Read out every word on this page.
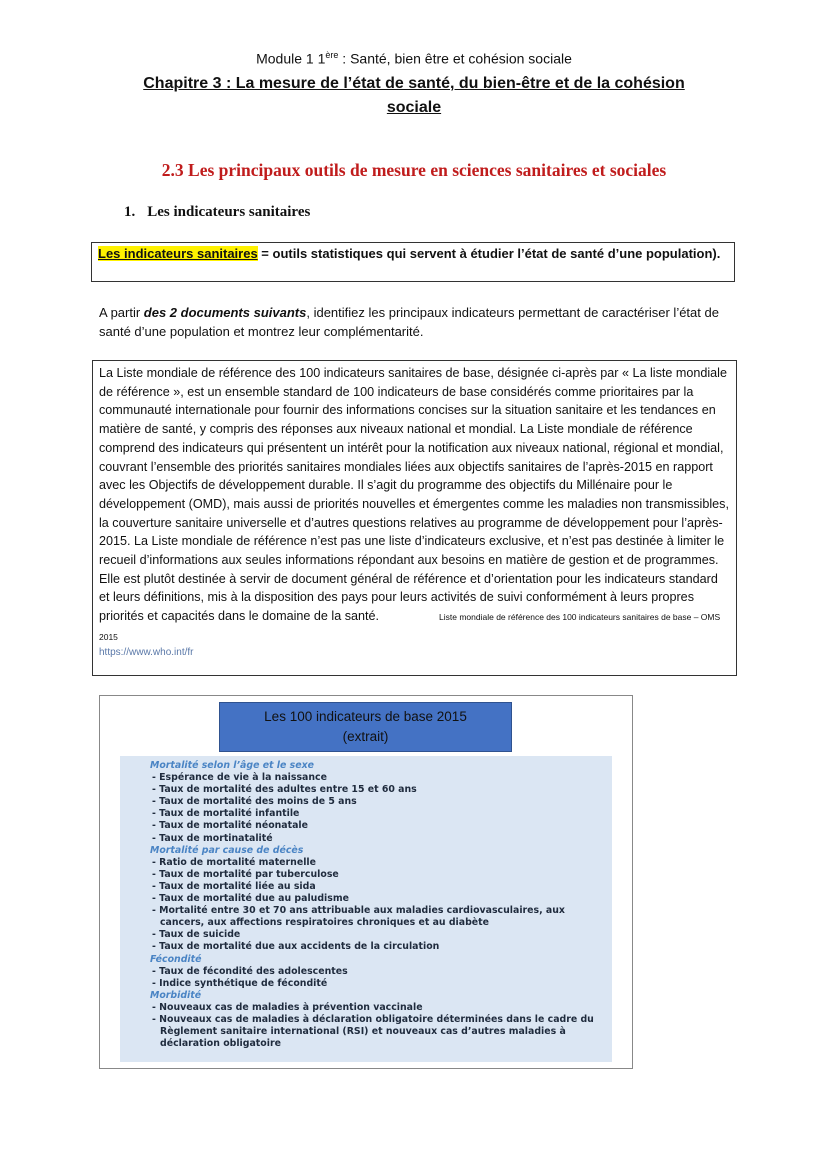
Module 1 1ère : Santé, bien être et cohésion sociale
Chapitre 3 : La mesure de l’état de santé, du bien-être et de la cohésion
sociale
2.3 Les principaux outils de mesure en sciences sanitaires et sociales
1. Les indicateurs sanitaires
Les indicateurs sanitaires = outils statistiques qui servent à étudier l’état de santé d’une population).
A partir des 2 documents suivants, identifiez les principaux indicateurs permettant de caractériser l’état de santé d’une population et montrez leur complémentarité.

La Liste mondiale de référence des 100 indicateurs sanitaires de base, désignée ci-après par « La liste mondiale de référence », est un ensemble standard de 100 indicateurs de base considérés comme prioritaires par la communauté internationale pour fournir des informations concises sur la situation sanitaire et les tendances en matière de santé, y compris des réponses aux niveaux national et mondial. La Liste mondiale de référence comprend des indicateurs qui présentent un intérêt pour la notification aux niveaux national, régional et mondial, couvrant l’ensemble des priorités sanitaires mondiales liées aux objectifs sanitaires de l’après-2015 en rapport avec les Objectifs de développement durable. Il s’agit du programme des objectifs du Millénaire pour le développement (OMD), mais aussi de priorités nouvelles et émergentes comme les maladies non transmissibles, la couverture sanitaire universelle et d’autres questions relatives au programme de développement pour l’après-2015. La Liste mondiale de référence n’est pas une liste d’indicateurs exclusive, et n’est pas destinée à limiter le recueil d’informations aux seules informations répondant aux besoins en matière de gestion et de programmes. Elle est plutôt destinée à servir de document général de référence et d’orientation pour les indicateurs standard et leurs définitions, mis à la disposition des pays pour leurs activités de suivi conformément à leurs propres priorités et capacités dans le domaine de la santé.	Liste mondiale de référence des 100 indicateurs sanitaires de base – OMS 2015

https://www.who.int/fr
Les 100 indicateurs de base 2015
(extrait)
Mortalité selon l’âge et le sexe
- Espérance de vie à la naissance
- Taux de mortalité des adultes entre 15 et 60 ans
- Taux de mortalité des moins de 5 ans
- Taux de mortalité infantile
- Taux de mortalité néonatale
- Taux de mortinatalité
Mortalité par cause de décès
- Ratio de mortalité maternelle
- Taux de mortalité par tuberculose
- Taux de mortalité liée au sida
- Taux de mortalité due au paludisme
- Mortalité entre 30 et 70 ans attribuable aux maladies cardiovasculaires, aux cancers, aux affections respiratoires chroniques et au diabète
- Taux de suicide
- Taux de mortalité due aux accidents de la circulation
Fécondité
- Taux de fécondité des adolescentes
- Indice synthétique de fécondité
Morbidité
- Nouveaux cas de maladies à prévention vaccinale
- Nouveaux cas de maladies à déclaration obligatoire déterminées dans le cadre du Règlement sanitaire international (RSI) et nouveaux cas d’autres maladies à déclaration obligatoire
